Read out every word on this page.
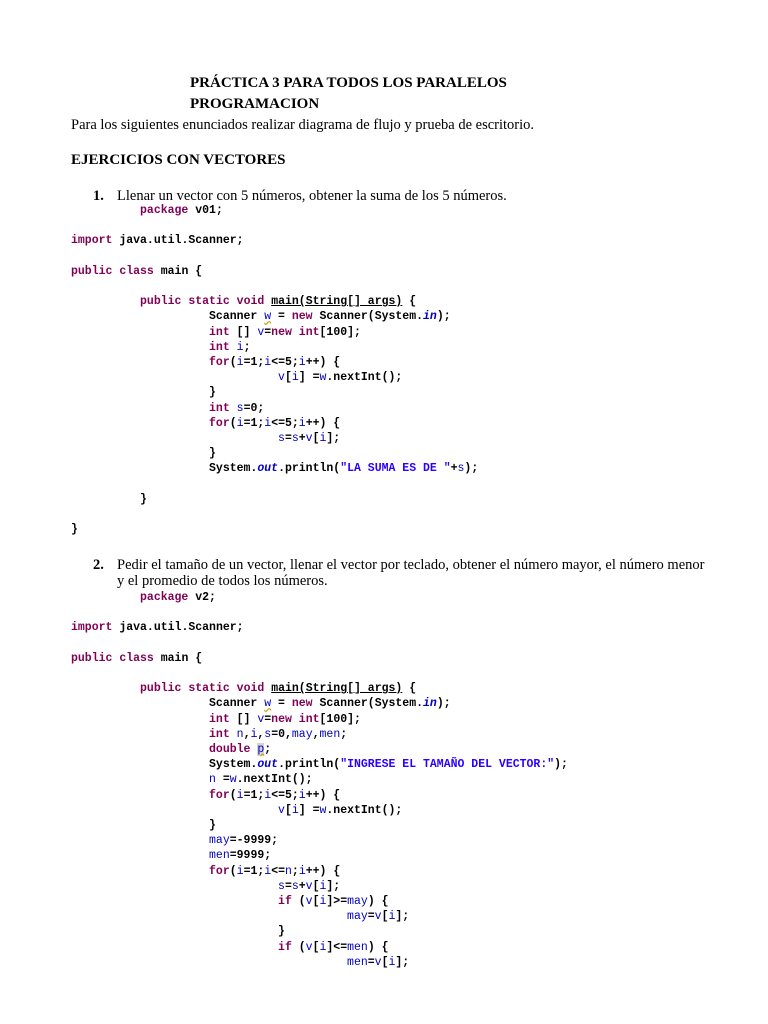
PRÁCTICA 3 PARA TODOS LOS PARALELOS

PROGRAMACION

Para los siguientes enunciados realizar diagrama de flujo y prueba de escritorio.
EJERCICIOS CON VECTORES
1. Llenar un vector con 5 números, obtener la suma de los 5 números.
package v01;

import java.util.Scanner;

public class main {

public static void main(String[] args) {
Scanner w = new Scanner(System.in);
int [] v=new int[100];
int i;
for(i=1;i<=5;i++) {
v[i] =w.nextInt();
}
int s=0;
for(i=1;i<=5;i++) {
s=s+v[i];
}
System.out.println("LA SUMA ES DE "+s);

}

}
2. Pedir el tamaño de un vector, llenar el vector por teclado, obtener el número mayor, el número menor y el promedio de todos los números.
package v2;

import java.util.Scanner;

public class main {

public static void main(String[] args) {
Scanner w = new Scanner(System.in);
int [] v=new int[100];
int n,i,s=0,may,men;
double p;
System.out.println("INGRESE EL TAMAÑO DEL VECTOR:");
n =w.nextInt();
for(i=1;i<=5;i++) {
v[i] =w.nextInt();
}
may=-9999;
men=9999;
for(i=1;i<=n;i++) {
s=s+v[i];
if (v[i]>=may) {
may=v[i];
}
if (v[i]<=men) {
men=v[i];
